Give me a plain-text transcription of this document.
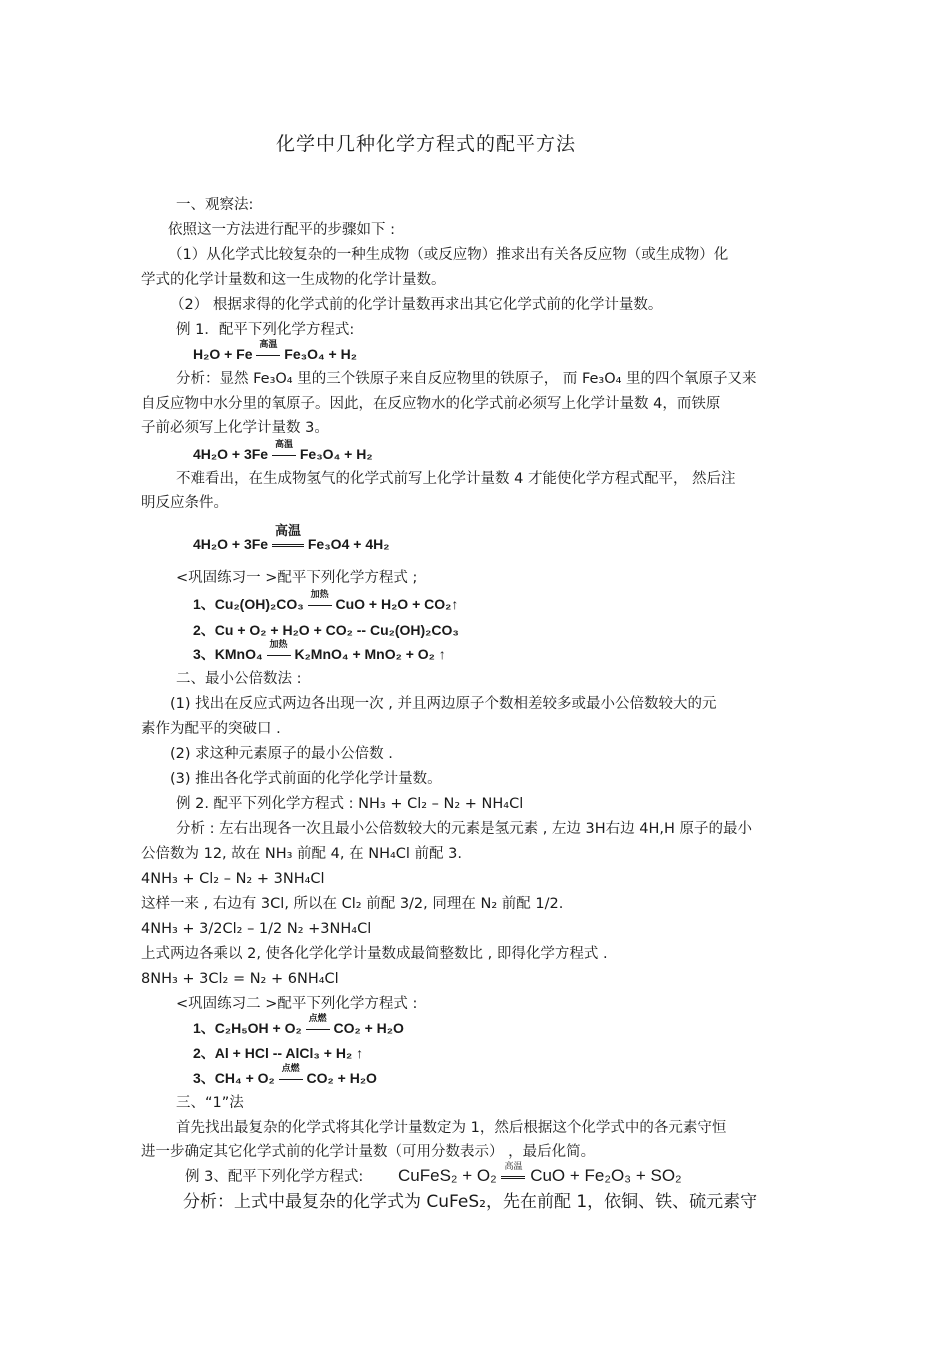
化学中几种化学方程式的配平方法
一、观察法:
依照这一方法进行配平的步骤如下 :
（1）从化学式比较复杂的一种生成物（或反应物）推求出有关各反应物（或生成物）化
学式的化学计量数和这一生成物的化学计量数。
（2） 根据求得的化学式前的化学计量数再求出其它化学式前的化学计量数。
例 1．配平下列化学方程式:
H₂O + Fe
高温
Fe₃O₄ + H₂
分析：显然 Fe₃O₄ 里的三个铁原子来自反应物里的铁原子， 而 Fe₃O₄ 里的四个氧原子又来
自反应物中水分里的氧原子。因此，在反应物水的化学式前必须写上化学计量数 4，而铁原
子前必须写上化学计量数 3。
4H₂O + 3Fe
高温
Fe₃O₄ + H₂
不难看出，在生成物氢气的化学式前写上化学计量数 4 才能使化学方程式配平， 然后注
明反应条件。
4H₂O + 3Fe
高温
Fe₃O4 + 4H₂
<巩固练习一 >配平下列化学方程式 ;
1、Cu₂(OH)₂CO₃
加热
CuO + H₂O + CO₂↑
2、Cu + O₂ + H₂O + CO₂ -- Cu₂(OH)₂CO₃
3、KMnO₄
加热
K₂MnO₄ + MnO₂ + O₂ ↑
二、最小公倍数法 :
(1) 找出在反应式两边各出现一次 , 并且两边原子个数相差较多或最小公倍数较大的元
素作为配平的突破口 .
(2) 求这种元素原子的最小公倍数 .
(3) 推出各化学式前面的化学化学计量数。
例 2. 配平下列化学方程式 : NH₃ + Cl₂ – N₂ + NH₄Cl
分析 : 左右出现各一次且最小公倍数较大的元素是氢元素 , 左边 3H右边 4H,H 原子的最小
公倍数为 12, 故在 NH₃ 前配 4, 在 NH₄Cl 前配 3.
4NH₃ + Cl₂ – N₂ + 3NH₄Cl
这样一来 , 右边有 3Cl, 所以在 Cl₂ 前配 3/2, 同理在 N₂ 前配 1/2.
4NH₃ + 3/2Cl₂ – 1/2 N₂ +3NH₄Cl
上式两边各乘以 2, 使各化学化学计量数成最简整数比 , 即得化学方程式 .
8NH₃ + 3Cl₂ = N₂ + 6NH₄Cl
<巩固练习二 >配平下列化学方程式 :
1、C₂H₅OH + O₂
点燃
CO₂ + H₂O
2、Al + HCl -- AlCl₃ + H₂ ↑
3、CH₄ + O₂
点燃
CO₂ + H₂O
三、“1”法
首先找出最复杂的化学式将其化学计量数定为 1，然后根据这个化学式中的各元素守恒
进一步确定其它化学式前的化学计量数（可用分数表示） ，最后化简。
例 3、配平下列化学方程式: CuFeS₂ + O₂
高温
CuO + Fe₂O₃ + SO₂
分析：上式中最复杂的化学式为 CuFeS₂，先在前配 1，依铜、铁、硫元素守
